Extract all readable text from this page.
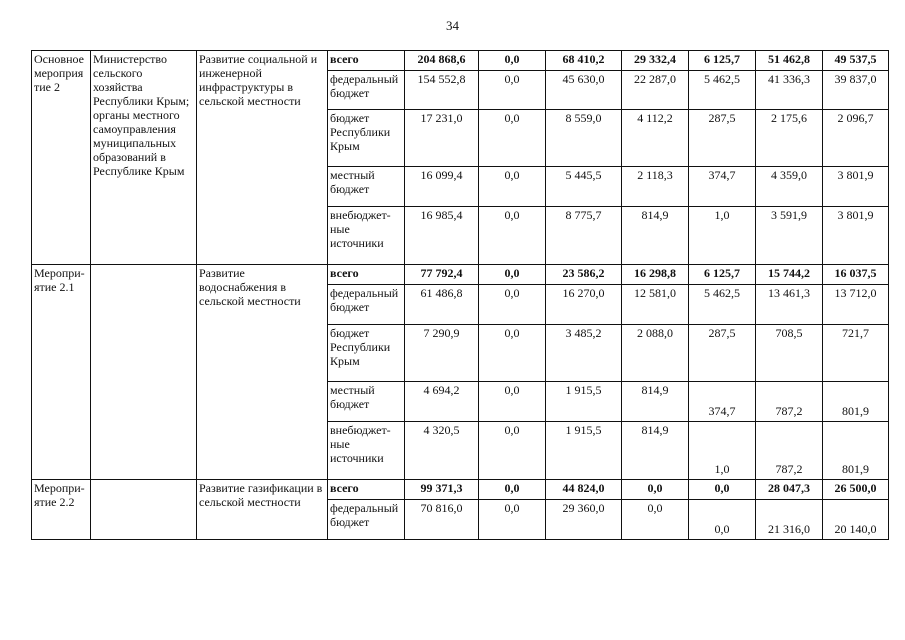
34
Основное мероприятие 2	Министерство сельского хозяйства Республики Крым; органы местного самоуправления муниципальных образований в Республике Крым	Развитие социальной и инженерной инфраструктуры в сельской местности	всего	204 868,6	0,0	68 410,2	29 332,4	6 125,7	51 462,8	49 537,5
			федеральный бюджет	154 552,8	0,0	45 630,0	22 287,0	5 462,5	41 336,3	39 837,0
			бюджет Республики Крым	17 231,0	0,0	8 559,0	4 112,2	287,5	2 175,6	2 096,7
			местный бюджет	16 099,4	0,0	5 445,5	2 118,3	374,7	4 359,0	3 801,9
			внебюджет-ные источники	16 985,4	0,0	8 775,7	814,9	1,0	3 591,9	3 801,9
Меропри-ятие 2.1		Развитие водоснабжения в сельской местности	всего	77 792,4	0,0	23 586,2	16 298,8	6 125,7	15 744,2	16 037,5
			федеральный бюджет	61 486,8	0,0	16 270,0	12 581,0	5 462,5	13 461,3	13 712,0
			бюджет Республики Крым	7 290,9	0,0	3 485,2	2 088,0	287,5	708,5	721,7
			местный бюджет	4 694,2	0,0	1 915,5	814,9	374,7	787,2	801,9
			внебюджет-ные источники	4 320,5	0,0	1 915,5	814,9	1,0	787,2	801,9
Меропри-ятие 2.2		Развитие газификации в сельской местности	всего	99 371,3	0,0	44 824,0	0,0	0,0	28 047,3	26 500,0
			федеральный бюджет	70 816,0	0,0	29 360,0	0,0	0,0	21 316,0	20 140,0
